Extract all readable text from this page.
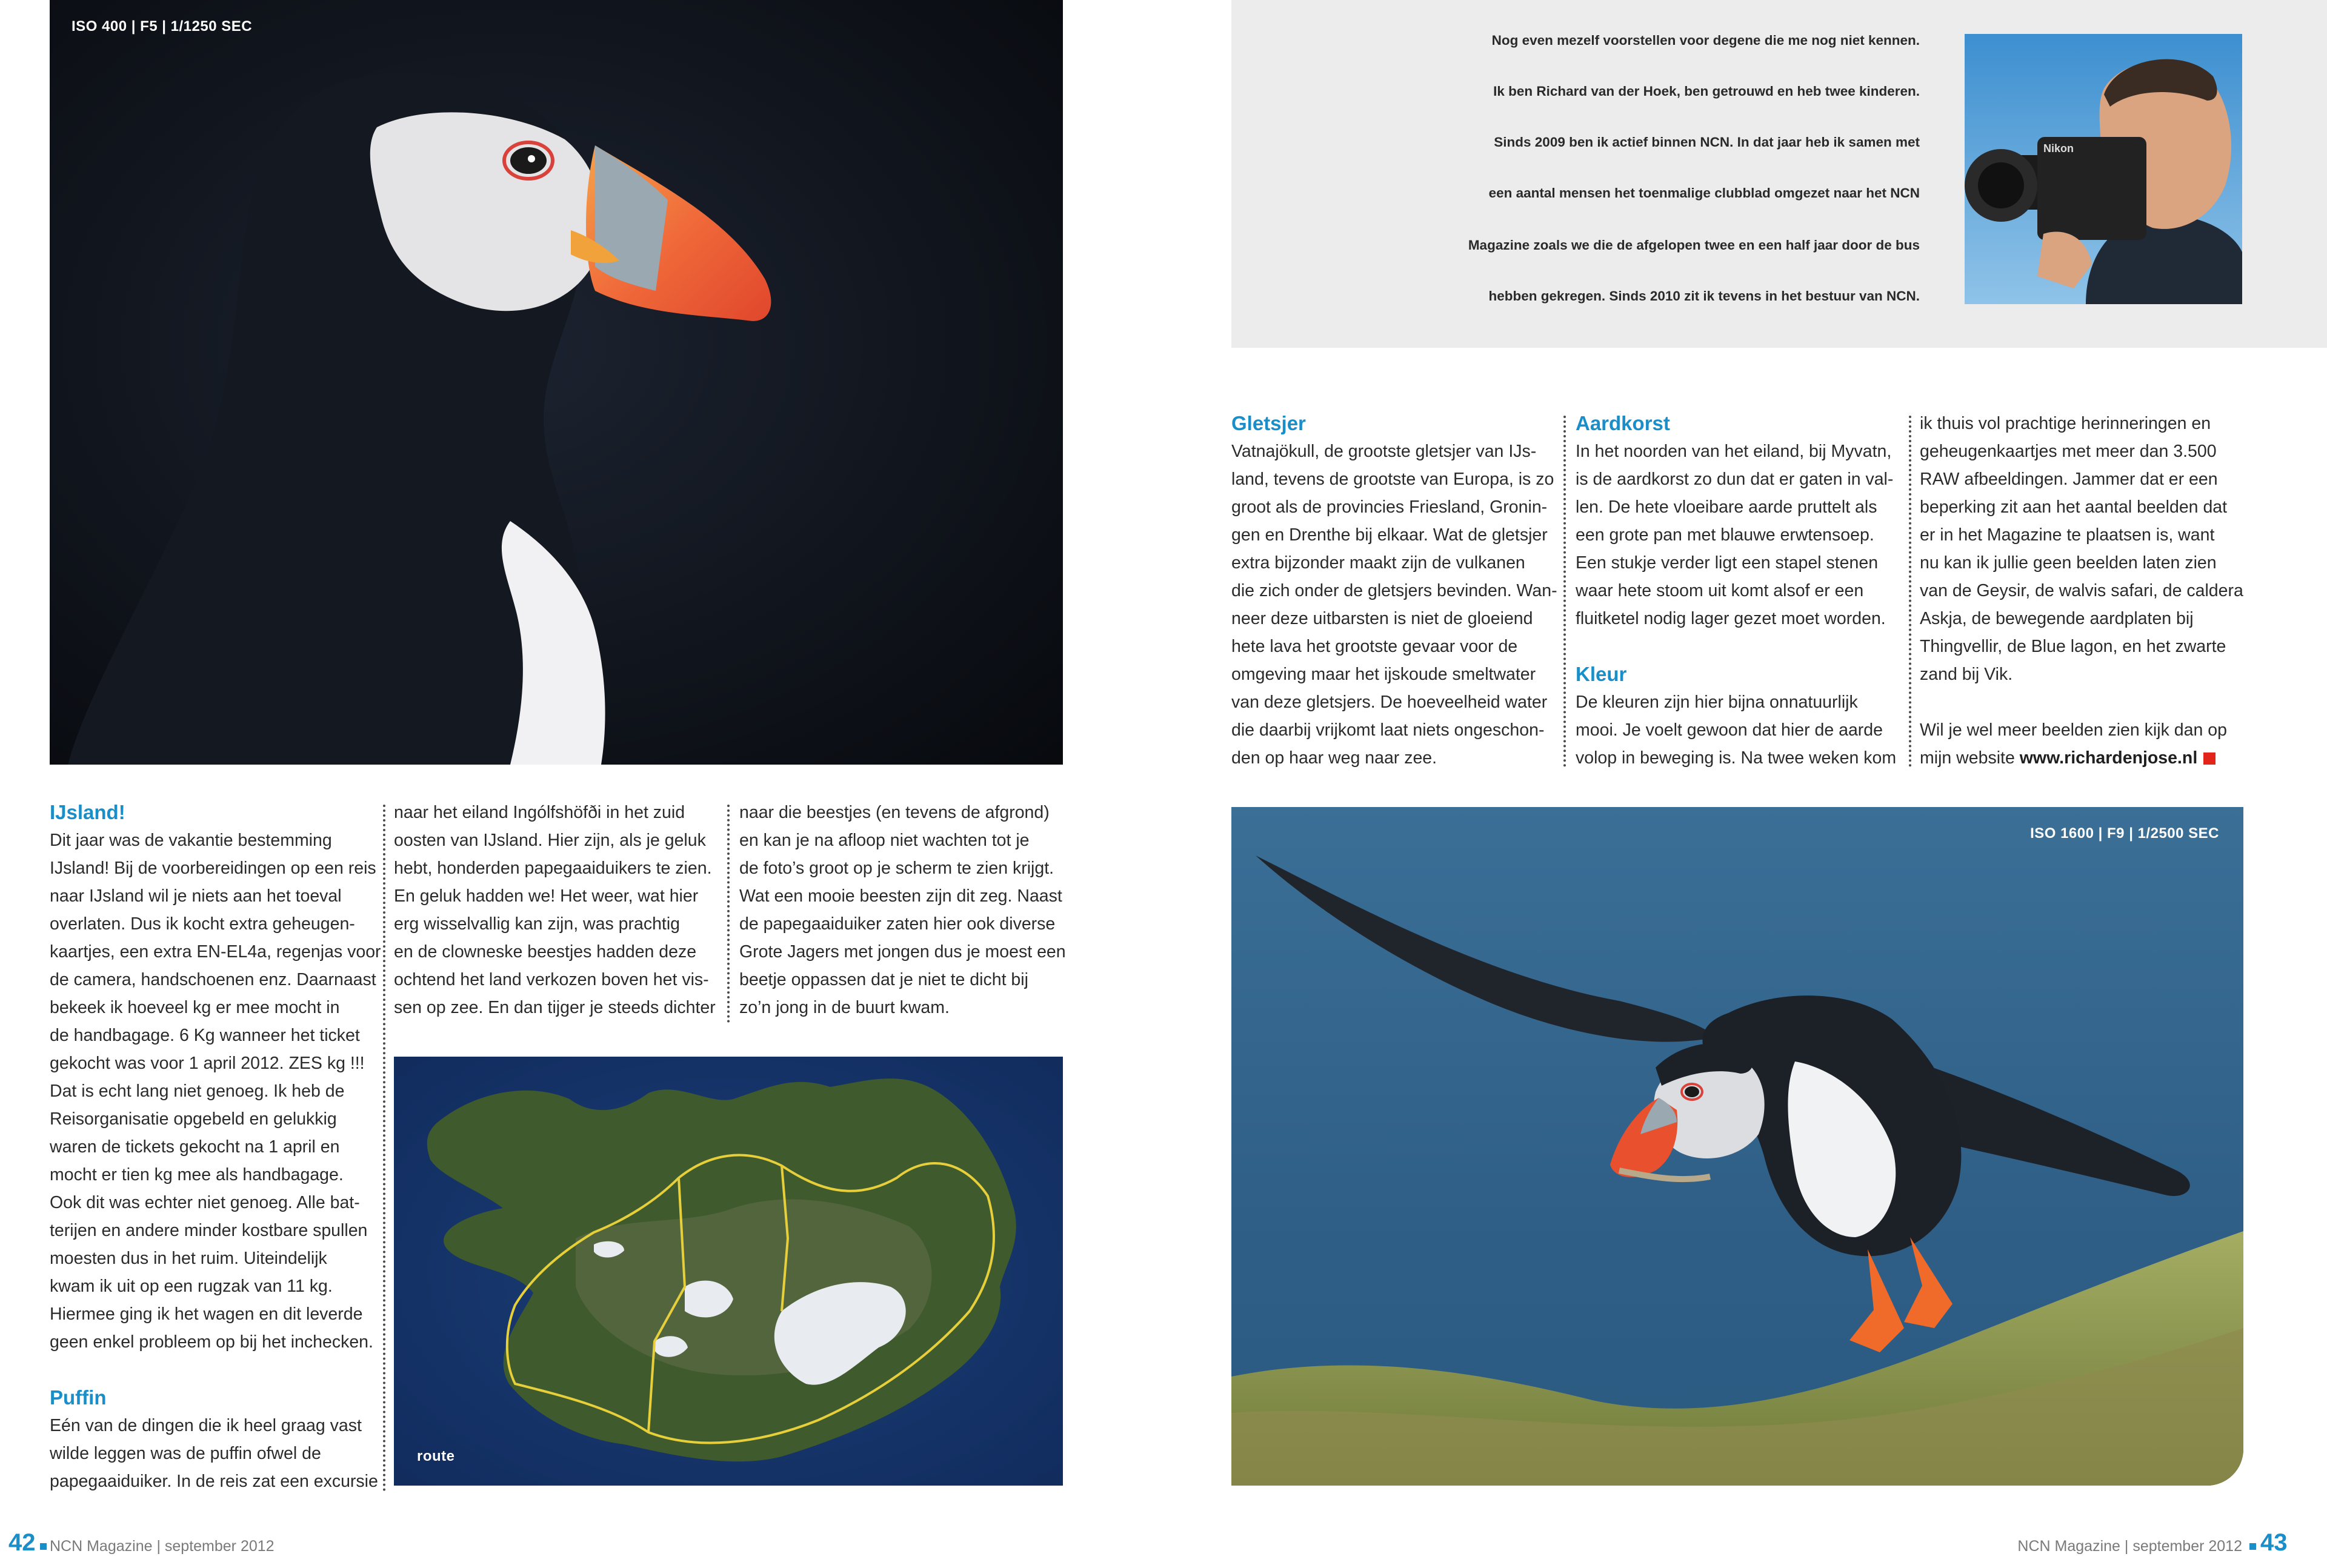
ISO 400 | F5 | 1/1250 SEC
IJsland!
Dit jaar was de vakantie bestemming
IJsland! Bij de voorbereidingen op een reis
naar IJsland wil je niets aan het toeval
overlaten. Dus ik kocht extra geheugen-
kaartjes, een extra EN-EL4a, regenjas voor
de camera, handschoenen enz. Daarnaast
bekeek ik hoeveel kg er mee mocht in
de handbagage. 6 Kg wanneer het ticket
gekocht was voor 1 april 2012. ZES kg !!!
Dat is echt lang niet genoeg. Ik heb de
Reisorganisatie opgebeld en gelukkig
waren de tickets gekocht na 1 april en
mocht er tien kg mee als handbagage.
Ook dit was echter niet genoeg. Alle bat-
terijen en andere minder kostbare spullen
moesten dus in het ruim. Uiteindelijk
kwam ik uit op een rugzak van 11 kg.
Hiermee ging ik het wagen en dit leverde
geen enkel probleem op bij het inchecken.
Puffin
Eén van de dingen die ik heel graag vast
wilde leggen was de puffin ofwel de
papegaaiduiker. In de reis zat een excursie
naar het eiland Ingólfshöfði in het zuid
oosten van IJsland. Hier zijn, als je geluk
hebt, honderden papegaaiduikers te zien.
En geluk hadden we! Het weer, wat hier
erg wisselvallig kan zijn, was prachtig
en de clowneske beestjes hadden deze
ochtend het land verkozen boven het vis-
sen op zee. En dan tijger je steeds dichter
naar die beestjes (en tevens de afgrond)
en kan je na afloop niet wachten tot je
de foto’s groot op je scherm te zien krijgt.
Wat een mooie beesten zijn dit zeg. Naast
de papegaaiduiker zaten hier ook diverse
Grote Jagers met jongen dus je moest een
beetje oppassen dat je niet te dicht bij
zo’n jong in de buurt kwam.
route
42 NCN Magazine | september 2012
Nog even mezelf voorstellen voor degene die me nog niet kennen.
Ik ben Richard van der Hoek, ben getrouwd en heb twee kinderen.
Sinds 2009 ben ik actief binnen NCN. In dat jaar heb ik samen met
een aantal mensen het toenmalige clubblad omgezet naar het NCN
Magazine zoals we die de afgelopen twee en een half jaar door de bus
hebben gekregen. Sinds 2010 zit ik tevens in het bestuur van NCN.
Nikon
Gletsjer
Vatnajökull, de grootste gletsjer van IJs-
land, tevens de grootste van Europa, is zo
groot als de provincies Friesland, Gronin-
gen en Drenthe bij elkaar. Wat de gletsjer
extra bijzonder maakt zijn de vulkanen
die zich onder de gletsjers bevinden. Wan-
neer deze uitbarsten is niet de gloeiend
hete lava het grootste gevaar voor de
omgeving maar het ijskoude smeltwater
van deze gletsjers. De hoeveelheid water
die daarbij vrijkomt laat niets ongeschon-
den op haar weg naar zee.
Aardkorst
In het noorden van het eiland, bij Myvatn,
is de aardkorst zo dun dat er gaten in val-
len. De hete vloeibare aarde pruttelt als
een grote pan met blauwe erwtensoep.
Een stukje verder ligt een stapel stenen
waar hete stoom uit komt alsof er een
fluitketel nodig lager gezet moet worden.
Kleur
De kleuren zijn hier bijna onnatuurlijk
mooi. Je voelt gewoon dat hier de aarde
volop in beweging is. Na twee weken kom
ik thuis vol prachtige herinneringen en
geheugenkaartjes met meer dan 3.500
RAW afbeeldingen. Jammer dat er een
beperking zit aan het aantal beelden dat
er in het Magazine te plaatsen is, want
nu kan ik jullie geen beelden laten zien
van de Geysir, de walvis safari, de caldera
Askja, de bewegende aardplaten bij
Thingvellir, de Blue lagon, en het zwarte
zand bij Vik.
Wil je wel meer beelden zien kijk dan op
mijn website www.richardenjose.nl
ISO 1600 | F9 | 1/2500 SEC
NCN Magazine | september 2012 43
